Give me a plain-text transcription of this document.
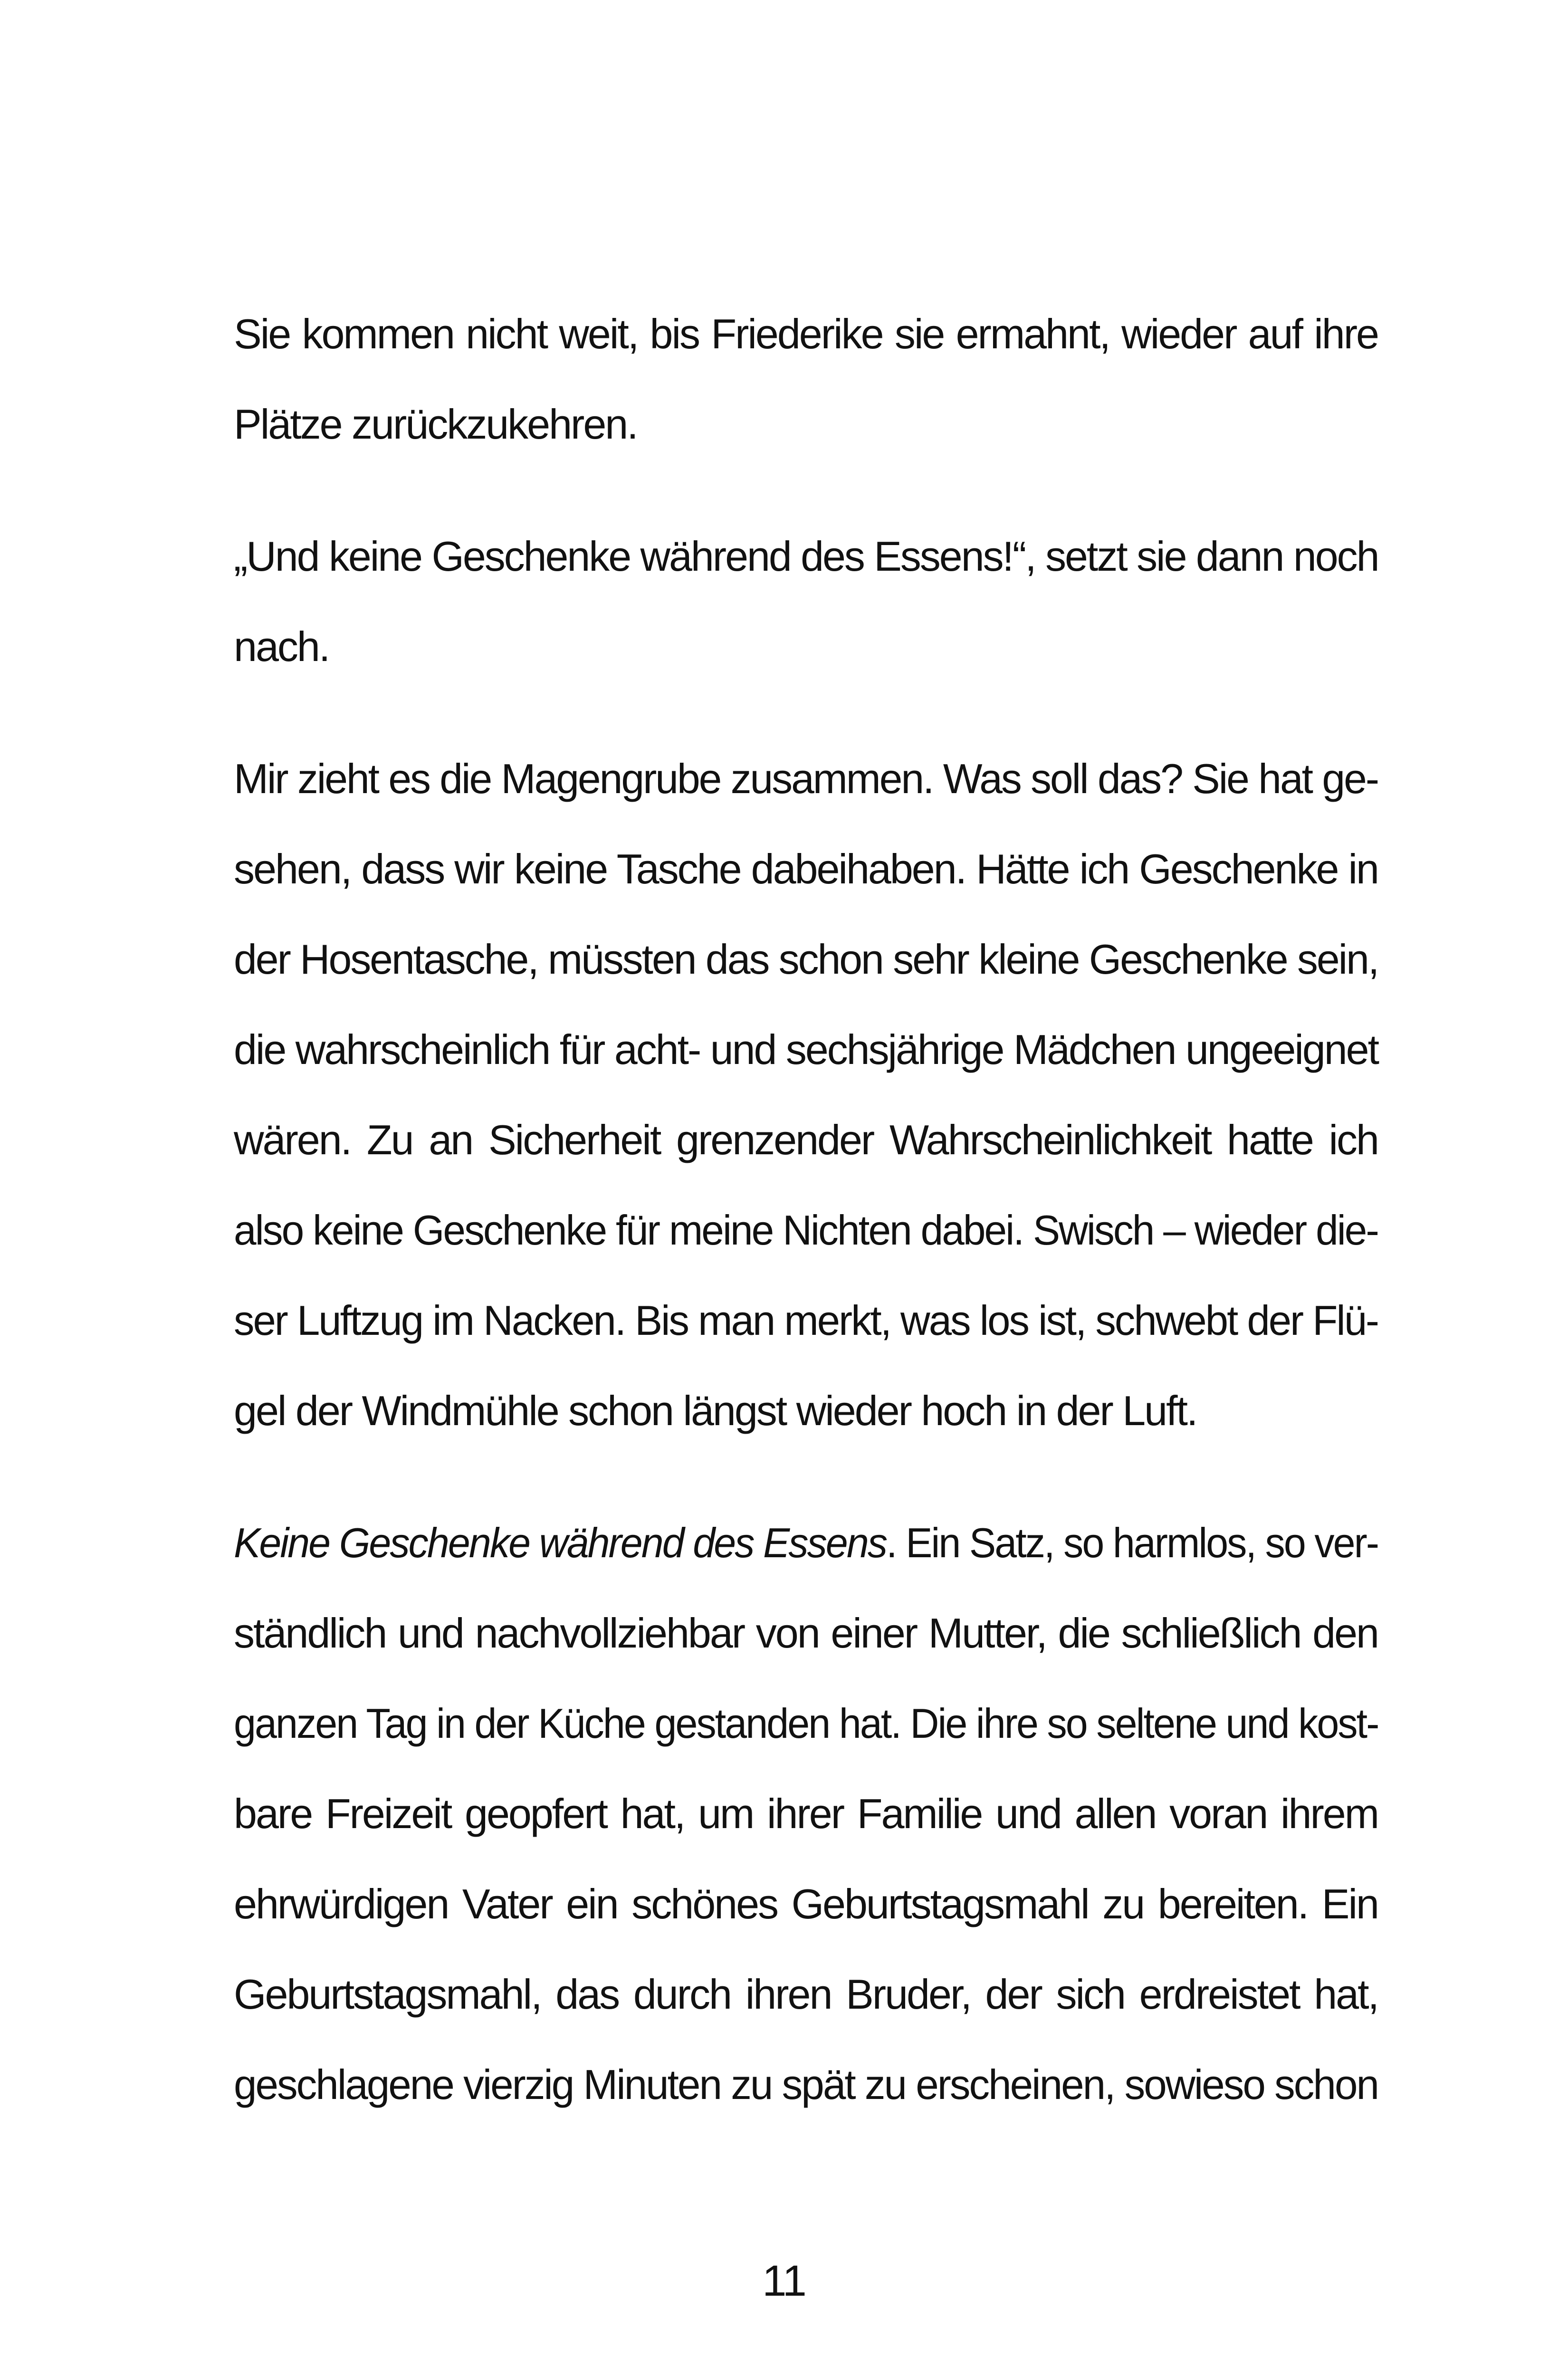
Sie kommen nicht weit, bis Friederike sie ermahnt, wieder auf ihre
Plätze zurückzukehren.

„Und keine Geschenke während des Essens!“, setzt sie dann noch
nach.

Mir zieht es die Magengrube zusammen. Was soll das? Sie hat ge-
sehen, dass wir keine Tasche dabeihaben. Hätte ich Geschenke in
der Hosentasche, müssten das schon sehr kleine Geschenke sein,
die wahrscheinlich für acht- und sechsjährige Mädchen ungeeignet
wären. Zu an Sicherheit grenzender Wahrscheinlichkeit hatte ich
also keine Geschenke für meine Nichten dabei. Swisch – wieder die-
ser Luftzug im Nacken. Bis man merkt, was los ist, schwebt der Flü-
gel der Windmühle schon längst wieder hoch in der Luft.

Keine Geschenke während des Essens. Ein Satz, so harmlos, so ver-
ständlich und nachvollziehbar von einer Mutter, die schließlich den
ganzen Tag in der Küche gestanden hat. Die ihre so seltene und kost-
bare Freizeit geopfert hat, um ihrer Familie und allen voran ihrem
ehrwürdigen Vater ein schönes Geburtstagsmahl zu bereiten. Ein
Geburtstagsmahl, das durch ihren Bruder, der sich erdreistet hat,
geschlagene vierzig Minuten zu spät zu erscheinen, sowieso schon

11
